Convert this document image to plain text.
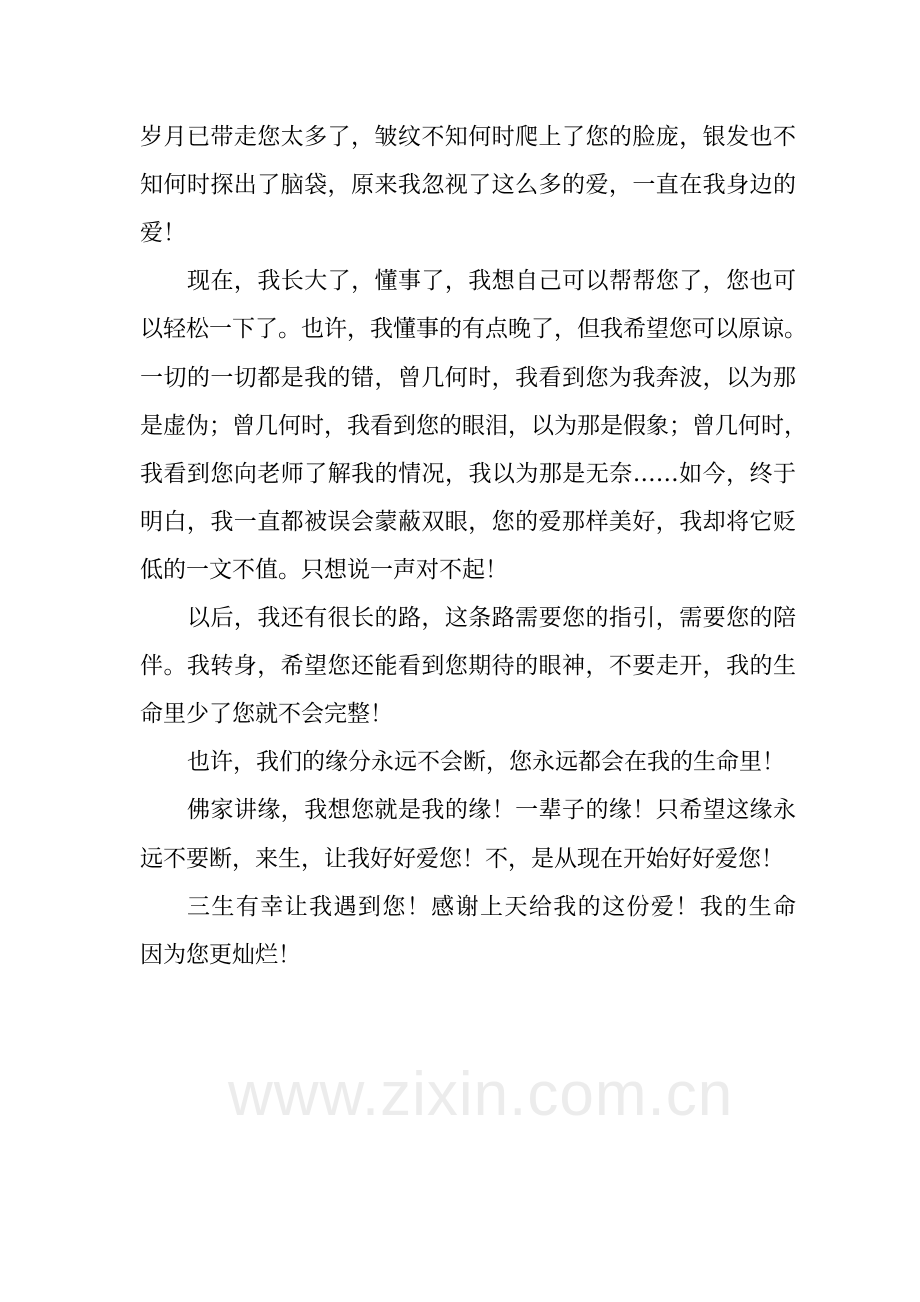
www.zixin.com.cn
岁月已带走您太多了，皱纹不知何时爬上了您的脸庞，银发也不
知何时探出了脑袋，原来我忽视了这么多的爱，一直在我身边的
爱！
现在，我长大了，懂事了，我想自己可以帮帮您了，您也可
以轻松一下了。也许，我懂事的有点晚了，但我希望您可以原谅。
一切的一切都是我的错，曾几何时，我看到您为我奔波，以为那
是虚伪；曾几何时，我看到您的眼泪，以为那是假象；曾几何时，
我看到您向老师了解我的情况，我以为那是无奈……如今，终于
明白，我一直都被误会蒙蔽双眼，您的爱那样美好，我却将它贬
低的一文不值。只想说一声对不起！
以后，我还有很长的路，这条路需要您的指引，需要您的陪
伴。我转身，希望您还能看到您期待的眼神，不要走开，我的生
命里少了您就不会完整！
也许，我们的缘分永远不会断，您永远都会在我的生命里！
佛家讲缘，我想您就是我的缘！一辈子的缘！只希望这缘永
远不要断，来生，让我好好爱您！不，是从现在开始好好爱您！
三生有幸让我遇到您！感谢上天给我的这份爱！我的生命
因为您更灿烂！
